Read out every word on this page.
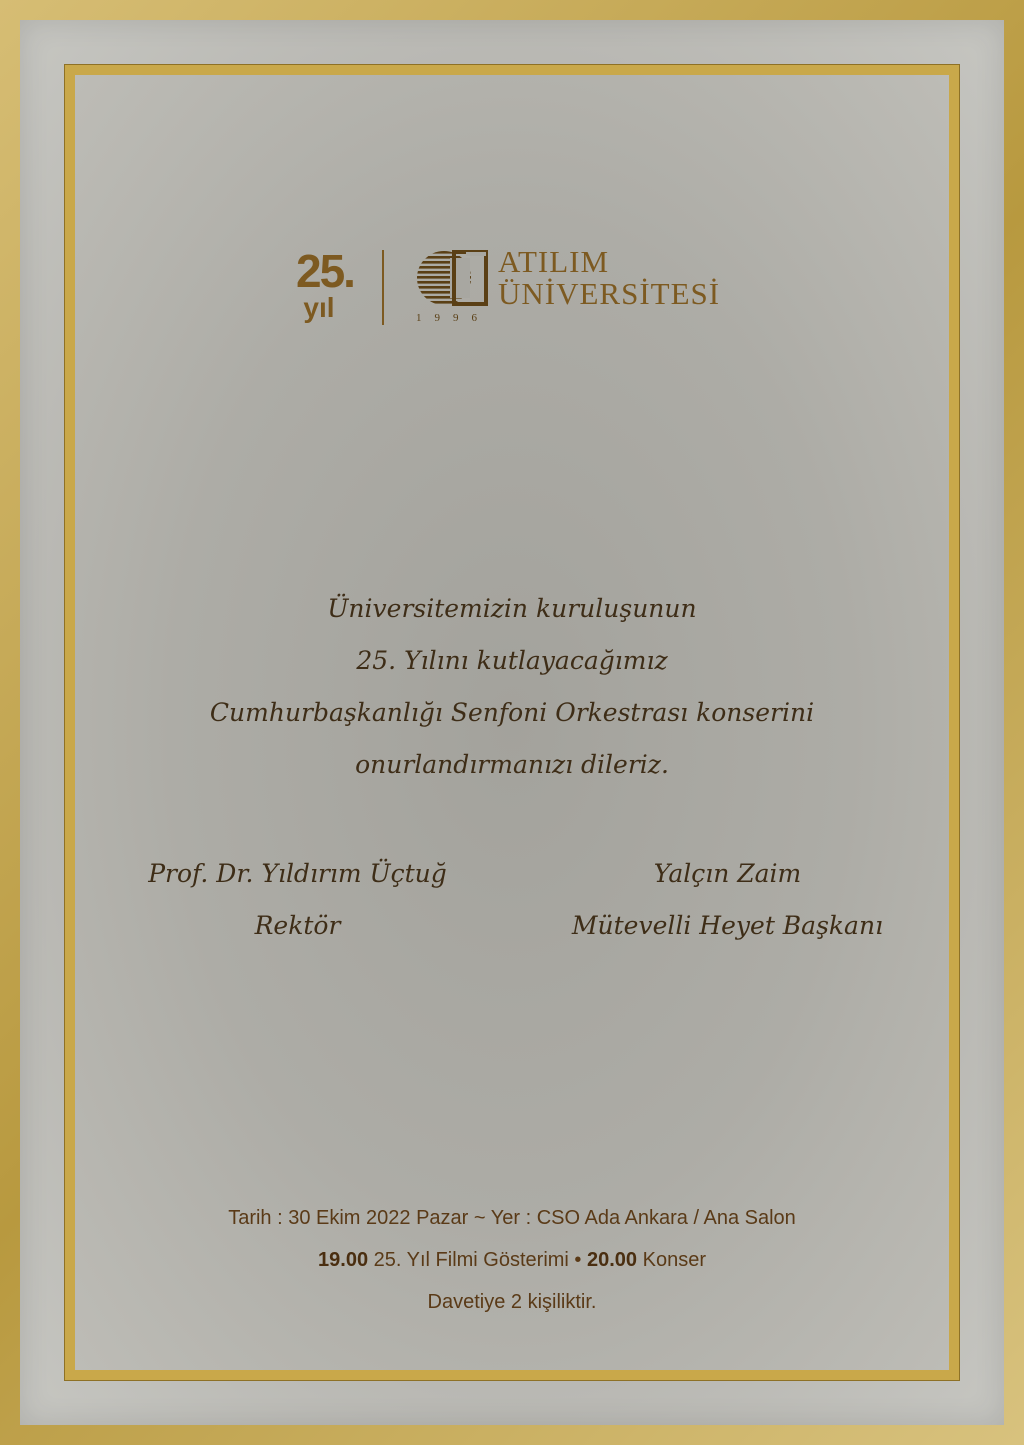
25.
yıl	1996
ATILIM
ÜNİVERSİTESİ
Üniversitemizin kuruluşunun
25. Yılını kutlayacağımız
Cumhurbaşkanlığı Senfoni Orkestrası konserini
onurlandırmanızı dileriz.
Prof. Dr. Yıldırım Üçtuğ
Rektör
Yalçın Zaim
Mütevelli Heyet Başkanı
Tarih : 30 Ekim 2022 Pazar ~ Yer : CSO Ada Ankara / Ana Salon
19.00 25. Yıl Filmi Gösterimi • 20.00 Konser
Davetiye 2 kişiliktir.
